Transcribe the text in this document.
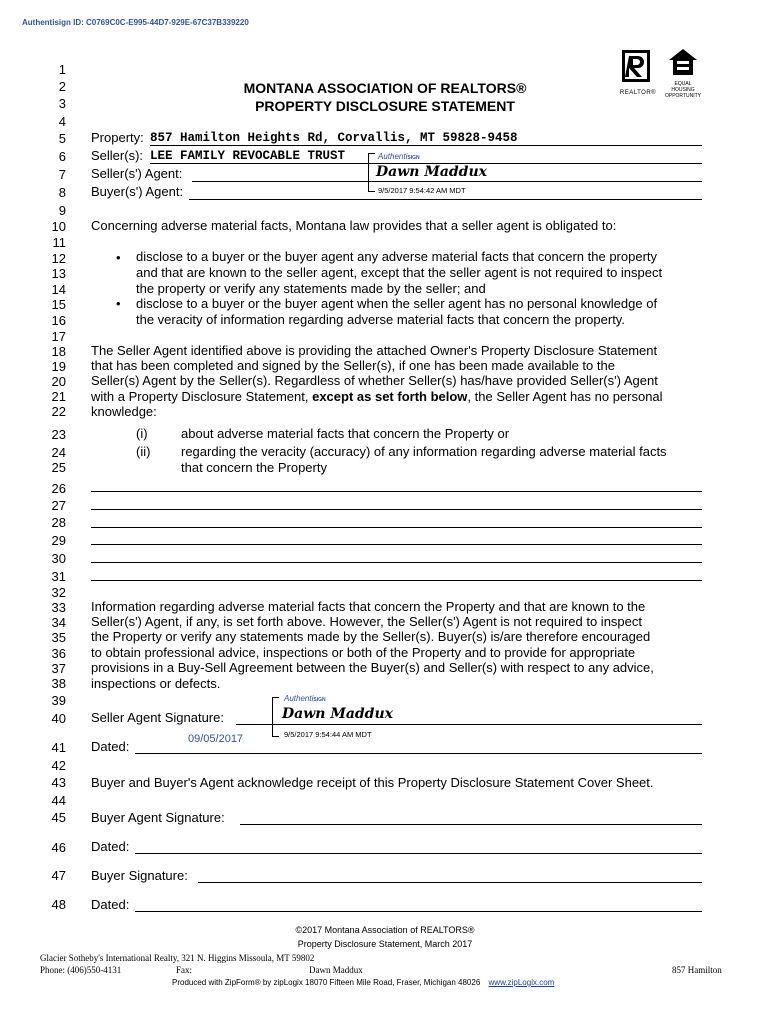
Authentisign ID: C0769C0C-E995-44D7-929E-67C37B339220
MONTANA ASSOCIATION OF REALTORS®
PROPERTY DISCLOSURE STATEMENT
REALTOR®
EQUAL HOUSING
OPPORTUNITY
1
2
3
4
5
6
7
8
9
10
11
12
13
14
15
16
17
18
19
20
21
22
23
24
25
26
27
28
29
30
31
32
33
34
35
36
37
38
39
40
41
42
43
44
45
46
47
48
Property: 857 Hamilton Heights Rd, Corvallis, MT 59828-9458
Seller(s): LEE FAMILY REVOCABLE TRUST
Seller(s') Agent:
Buyer(s') Agent:
AuthentiSIGN
Dawn Maddux
9/5/2017 9:54:42 AM MDT
Concerning adverse material facts, Montana law provides that a seller agent is obligated to:
• disclose to a buyer or the buyer agent any adverse material facts that concern the property
and that are known to the seller agent, except that the seller agent is not required to inspect
the property or verify any statements made by the seller; and
• disclose to a buyer or the buyer agent when the seller agent has no personal knowledge of
the veracity of information regarding adverse material facts that concern the property.
The Seller Agent identified above is providing the attached Owner's Property Disclosure Statement
that has been completed and signed by the Seller(s), if one has been made available to the
Seller(s) Agent by the Seller(s). Regardless of whether Seller(s) has/have provided Seller(s') Agent
with a Property Disclosure Statement, except as set forth below, the Seller Agent has no personal
knowledge:
(i)	about adverse material facts that concern the Property or
(ii) regarding the veracity (accuracy) of any information regarding adverse material facts
that concern the Property
Information regarding adverse material facts that concern the Property and that are known to the
Seller(s') Agent, if any, is set forth above. However, the Seller(s') Agent is not required to inspect
the Property or verify any statements made by the Seller(s). Buyer(s) is/are therefore encouraged
to obtain professional advice, inspections or both of the Property and to provide for appropriate
provisions in a Buy-Sell Agreement between the Buyer(s) and Seller(s) with respect to any advice,
inspections or defects.
Seller Agent Signature:
AuthentiSIGN
Dawn Maddux
9/5/2017 9:54:44 AM MDT
Dated:	09/05/2017
Buyer and Buyer's Agent acknowledge receipt of this Property Disclosure Statement Cover Sheet.
Buyer Agent Signature:
Dated:
Buyer Signature:
Dated:
©2017 Montana Association of REALTORS®
Property Disclosure Statement, March 2017
Glacier Sotheby's International Realty, 321 N. Higgins Missoula, MT 59802
Phone: (406)550-4131	Fax:	Dawn Maddux	857 Hamilton
Produced with ZipForm® by zipLogix 18070 Fifteen Mile Road, Fraser, Michigan 48026 www.zipLogix.com
